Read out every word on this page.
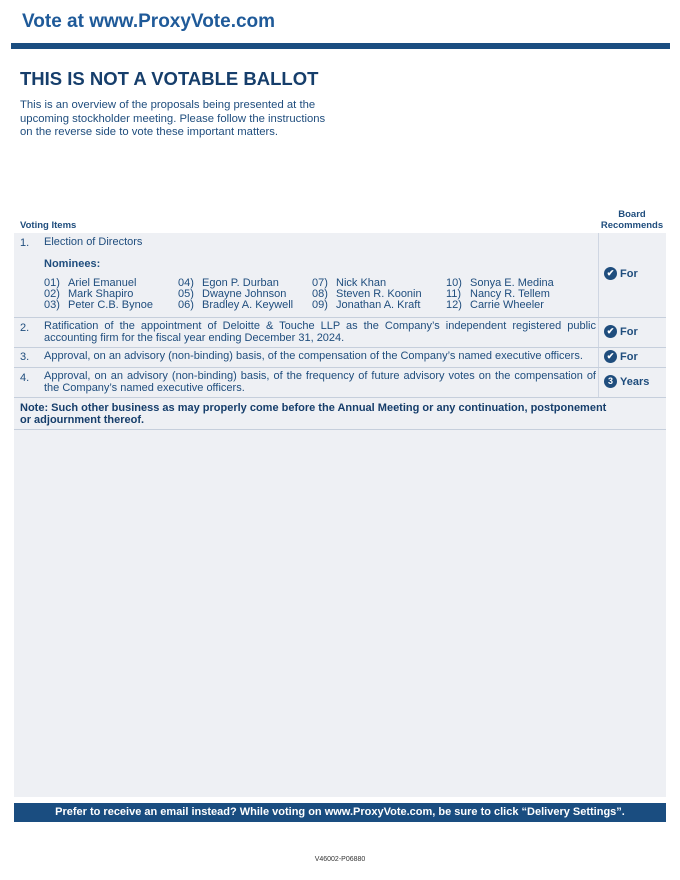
Vote at www.ProxyVote.com
THIS IS NOT A VOTABLE BALLOT
This is an overview of the proposals being presented at the upcoming stockholder meeting. Please follow the instructions on the reverse side to vote these important matters.
Voting Items
Board
Recommends
1. Election of Directors
Nominees:
01) Ariel Emanuel
02) Mark Shapiro
03) Peter C.B. Bynoe
04) Egon P. Durban
05) Dwayne Johnson
06) Bradley A. Keywell
07) Nick Khan
08) Steven R. Koonin
09) Jonathan A. Kraft
10) Sonya E. Medina
11) Nancy R. Tellem
12) Carrie Wheeler
✔ For
2. Ratification of the appointment of Deloitte & Touche LLP as the Company’s independent registered public accounting firm for the fiscal year ending December 31, 2024.
✔ For
3. Approval, on an advisory (non-binding) basis, of the compensation of the Company’s named executive officers.	✔ For
4. Approval, on an advisory (non-binding) basis, of the frequency of future advisory votes on the compensation of the Company’s named executive officers.
3 Years
Note: Such other business as may properly come before the Annual Meeting or any continuation, postponement or adjournment thereof.
Prefer to receive an email instead? While voting on www.ProxyVote.com, be sure to click “Delivery Settings”.
V46002-P06880
